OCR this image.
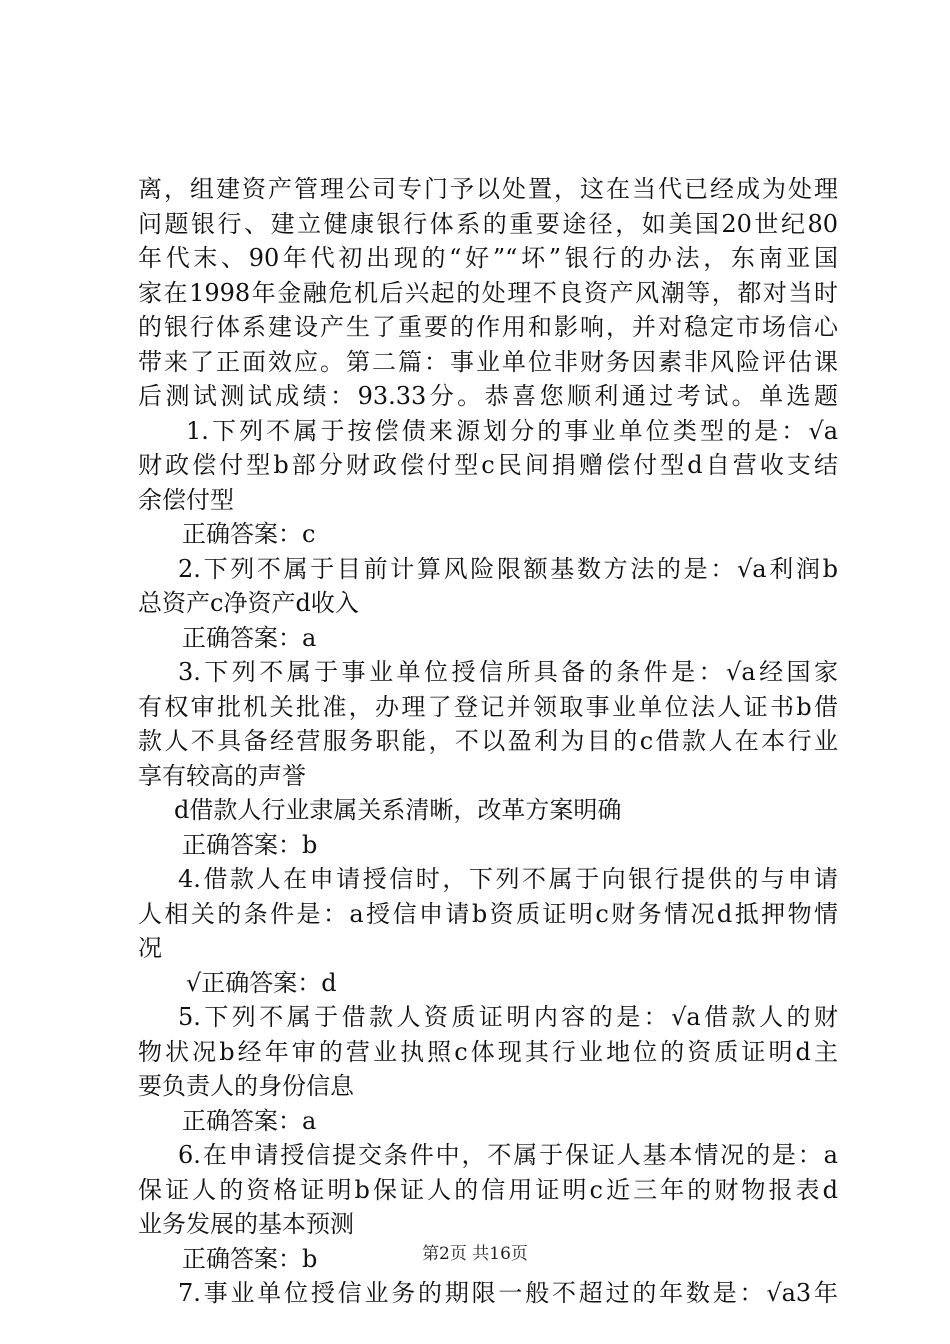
离，组建资产管理公司专门予以处置，这在当代已经成为处理
问题银行、建立健康银行体系的重要途径，如美国20世纪80
年代末、90年代初出现的“好”“坏”银行的办法，东南亚国
家在1998年金融危机后兴起的处理不良资产风潮等，都对当时
的银行体系建设产生了重要的作用和影响，并对稳定市场信心
带来了正面效应。第二篇：事业单位非财务因素非风险评估课
后测试测试成绩：93.33分。恭喜您顺利通过考试。单选题
1.下列不属于按偿债来源划分的事业单位类型的是：√a
财政偿付型b部分财政偿付型c民间捐赠偿付型d自营收支结
余偿付型
正确答案：c
2.下列不属于目前计算风险限额基数方法的是：√a利润b
总资产c净资产d收入
正确答案：a
3.下列不属于事业单位授信所具备的条件是：√a经国家
有权审批机关批准，办理了登记并领取事业单位法人证书b借
款人不具备经营服务职能，不以盈利为目的c借款人在本行业
享有较高的声誉
d借款人行业隶属关系清晰，改革方案明确
正确答案：b
4.借款人在申请授信时，下列不属于向银行提供的与申请
人相关的条件是：a授信申请b资质证明c财务情况d抵押物情
况
√正确答案：d
5.下列不属于借款人资质证明内容的是：√a借款人的财
物状况b经年审的营业执照c体现其行业地位的资质证明d主
要负责人的身份信息
正确答案：a
6.在申请授信提交条件中，不属于保证人基本情况的是：a
保证人的资格证明b保证人的信用证明c近三年的财物报表d
业务发展的基本预测
正确答案：b
7.事业单位授信业务的期限一般不超过的年数是：√a3年
第2页 共16页
